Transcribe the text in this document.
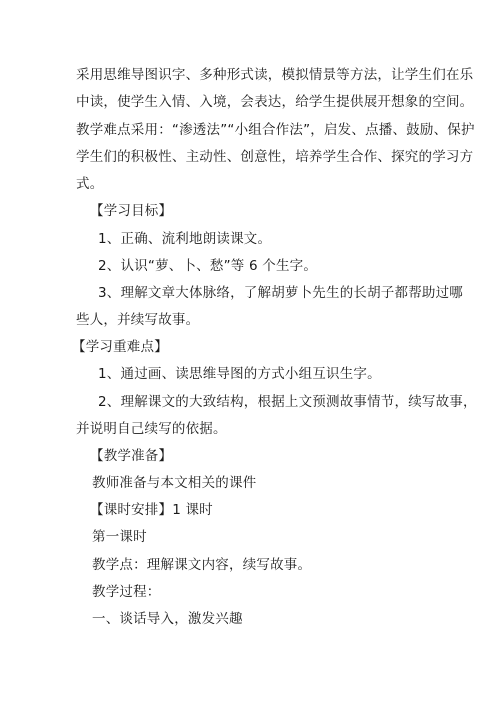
采用思维导图识字、多种形式读，模拟情景等方法，让学生们在乐
中读，使学生入情、入境，会表达，给学生提供展开想象的空间。
教学难点采用：“渗透法”“小组合作法”，启发、点播、鼓励、保护
学生们的积极性、主动性、创意性，培养学生合作、探究的学习方
式。
【学习目标】
1、正确、流利地朗读课文。
2、认识“萝、卜、愁”等 6 个生字。
3、理解文章大体脉络，了解胡萝卜先生的长胡子都帮助过哪
些人，并续写故事。
【学习重难点】
1、通过画、读思维导图的方式小组互识生字。
2、理解课文的大致结构，根据上文预测故事情节，续写故事，
并说明自己续写的依据。
【教学准备】
教师准备与本文相关的课件
【课时安排】1 课时
第一课时
教学点：理解课文内容，续写故事。
教学过程：
一、谈话导入，激发兴趣
